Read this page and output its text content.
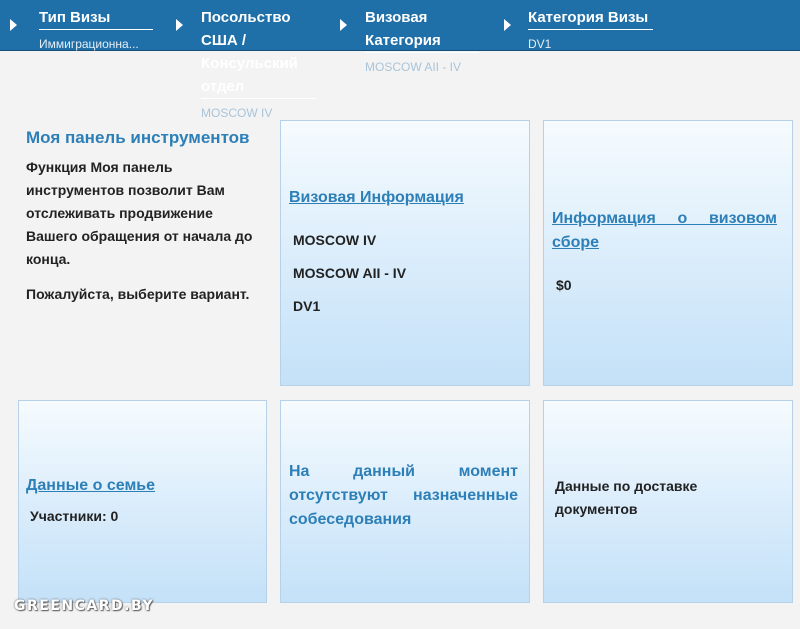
Тип Визы
Иммиграционна...
Посольство
США /
Консульский
отдел
MOSCOW IV
Визовая
Категория
MOSCOW AII - IV
Категория Визы
DV1
Моя панель инструментов
Функция Моя панель инструментов позволит Вам отслеживать продвижение Вашего обращения от начала до конца.
Пожалуйста, выберите вариант.
Визовая Информация
MOSCOW IV
MOSCOW AII - IV
DV1
Информация о визовом сборе
$0
Данные о семье
Участники: 0
На данный момент отсутствуют назначенные собеседования
Данные по доставке документов
GREENCARD.BY
